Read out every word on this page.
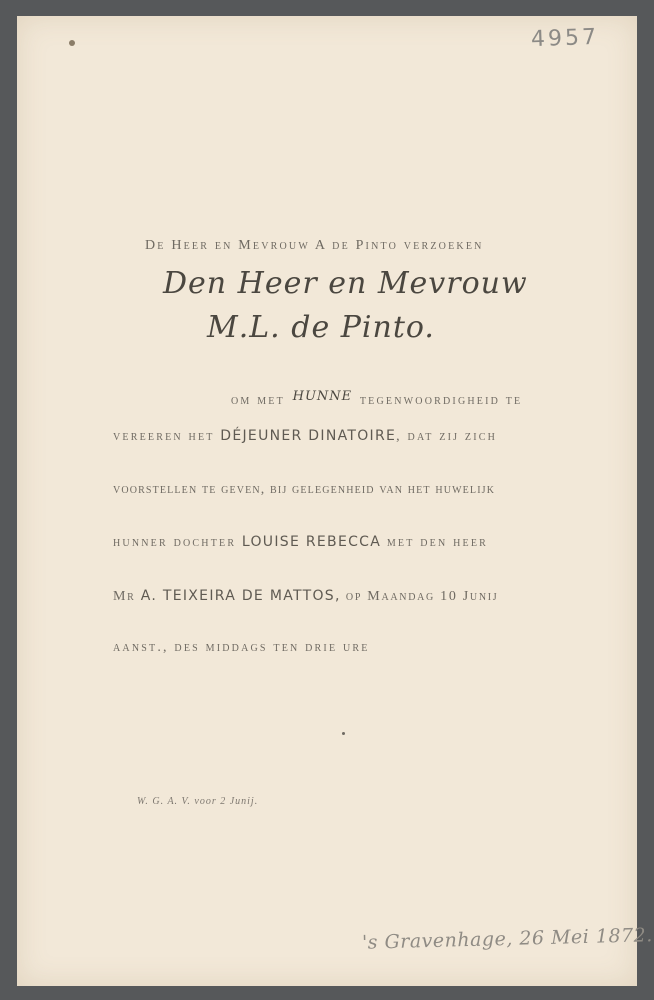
4957
De Heer en Mevrouw A de Pinto verzoeken
Den Heer en Mevrouw
M.L. de Pinto.
om met hunne tegenwoordigheid te
vereeren het DÉJEUNER DINATOIRE, dat zij zich
voorstellen te geven, bij gelegenheid van het huwelijk
hunner dochter LOUISE REBECCA met den heer
Mr A. TEIXEIRA DE MATTOS, op Maandag 10 Junij
aanst., des middags ten drie ure
W. G. A. V. voor 2 Junij.
's Gravenhage, 26 Mei 1872.
